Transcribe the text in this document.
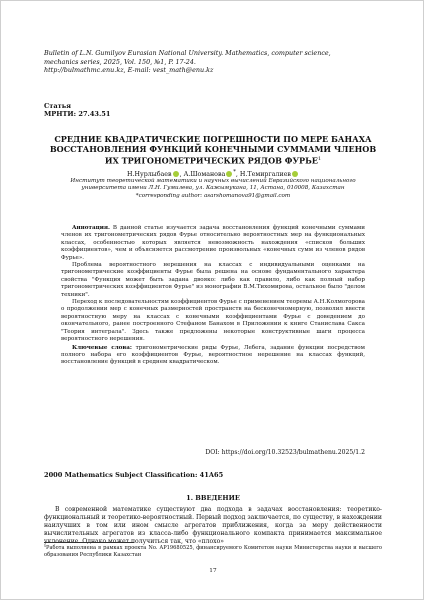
Bulletin of L.N. Gumilyov Eurasian National University. Mathematics, computer science,
mechanics series, 2025, Vol. 150, №1, P. 17-24.
http://bulmathmc.enu.kz, E-mail: vest_math@enu.kz
Статья
МРНТИ: 27.43.51
СРЕДНИЕ КВАДРАТИЧЕСКИЕ ПОГРЕШНОСТИ ПО МЕРЕ БАНАХА ВОССТАНОВЛЕНИЯ ФУНКЦИЙ КОНЕЧНЫМИ СУММАМИ ЧЛЕНОВ ИХ ТРИГОНОМЕТРИЧЕСКИХ РЯДОВ ФУРЬЕ$^1$
Н.Нурлыбаев , А.Шоманова *, Н.Темиргалиев
Институт теоретической математики и научных вычислений Евразийского национального
университета имени Л.Н. Гумилева, ул. Кажымукана, 11, Астана, 010008, Казахстан
*corresponding author: asarshomanova91@gmail.com

Аннотация. В данной статье изучается задача восстановления функций конечными суммами членов их тригонометрических рядов Фурье относительно вероятностных мер на функциональных классах, особенностью которых является невозможность нахождения «списков больших коэффициентов», чем и объясняется рассмотрение произвольных «конечных сумм из членов рядов Фурье».

Проблема вероятностного нерешения на классах с индивидуальными оценками на тригонометрические коэффициенты Фурье была решена на основе фундаментального характера свойства "Функция может быть задана двояко: либо как правило, либо как полный набор тригонометрических коэффициентов Фурье" из монографии В.М.Тихомирова, остальное было "делом техники".

Переход к последовательностям коэффициентов Фурье с применением теоремы А.Н.Колмогорова о продолжении мер с конечных размерностей пространств на бесконечномерную, позволил ввести вероятностную меру на классах с конечными коэффициентами Фурье с доведением до окончательного, ранее построенного Стефаном Банахом в Приложении к книге Станислава Сакса "Теория интеграла". Здесь также предложены некоторые конструктивные шаги процесса вероятностного нерешения.

Ключевые слова: тригонометрические ряды Фурье, Лебега, задание функции посредством полного набора его коэффициентов Фурье, вероятностное нерешение на классах функций, восстановление функций в среднем квадратическом.

DOI: https://doi.org/10.32523/bulmathenu.2025/1.2
2000 Mathematics Subject Classification: 41A65
1. ВВЕДЕНИЕ

В современной математике существуют два подхода в задачах восстановления: теоретико-функциональный и теоретико-вероятностный. Первый подход заключается, по существу, в нахождении наилучших в том или ином смысле агрегатов приближения, когда за меру действенности вычислительных агрегатов из класса-либо функционального компакта принимается максимальное уклонение. Однако может получиться так, что «плохо»

¹Работа выполнена в рамках проекта No. AP19680525, финансируемого Комитетом науки Министерства науки и высшего образования Республики Казахстан
17
